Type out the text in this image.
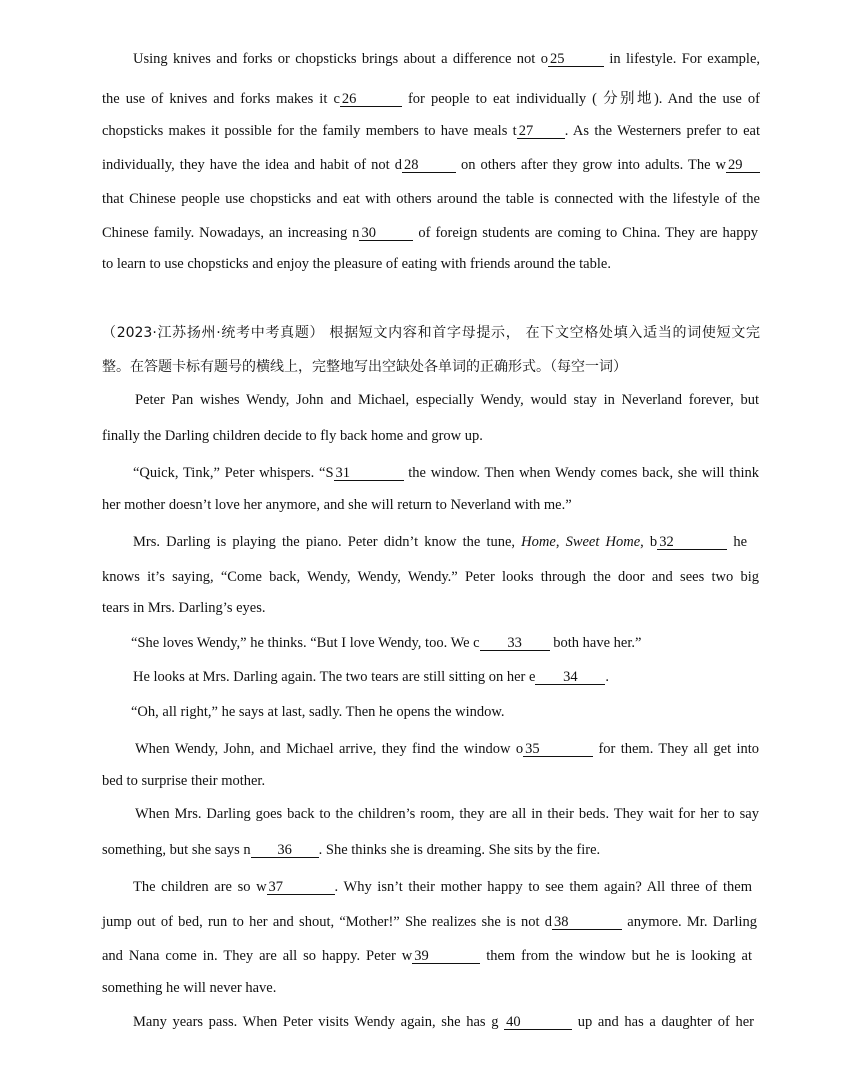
Using knives and forks or chopsticks brings about a difference not o 25	in lifestyle. For example,
the use of knives and forks makes it c 26	for people to eat individually ( 分别地). And the use of
chopsticks makes it possible for the family members to have meals t 27 . As the Westerners prefer to eat
individually, they have the idea and habit of not d 28	on others after they grow into adults. The w 29
that Chinese people use chopsticks and eat with others around the table is connected with the lifestyle of the
Chinese family. Nowadays, an increasing n 30	of foreign students are coming to China. They are happy
to learn to use chopsticks and enjoy the pleasure of eating with friends around the table.
（2023·江苏扬州·统考中考真题） 根据短文内容和首字母提示， 在下文空格处填入适当的词使短文完
整。在答题卡标有题号的横线上，完整地写出空缺处各单词的正确形式。（每空一词）
Peter Pan wishes Wendy, John and Michael, especially Wendy, would stay in Neverland forever, but
finally the Darling children decide to fly back home and grow up.
“Quick, Tink,” Peter whispers. “S 31	the window. Then when Wendy comes back, she will think
her mother doesn’t love her anymore, and she will return to Neverland with me.”
Mrs. Darling is playing the piano. Peter didn’t know the tune, Home, Sweet Home, b 32	he
knows it’s saying, “Come back, Wendy, Wendy, Wendy.” Peter looks through the door and sees two big
tears in Mrs. Darling’s eyes.
“She loves Wendy,” he thinks. “But I love Wendy, too. We c 33 both have her.”
He looks at Mrs. Darling again. The two tears are still sitting on her e 34 .
“Oh, all right,” he says at last, sadly. Then he opens the window.
When Wendy, John, and Michael arrive, they find the window o 35	for them. They all get into
bed to surprise their mother.
When Mrs. Darling goes back to the children’s room, they are all in their beds. They wait for her to say
something, but she says n 36 . She thinks she is dreaming. She sits by the fire.
The children are so w 37	. Why isn’t their mother happy to see them again? All three of them
jump out of bed, run to her and shout, “Mother!” She realizes she is not d 38	anymore. Mr. Darling
and Nana come in. They are all so happy. Peter w 39	them from the window but he is looking at
something he will never have.
Many years pass. When Peter visits Wendy again, she has g 40	up and has a daughter of her
